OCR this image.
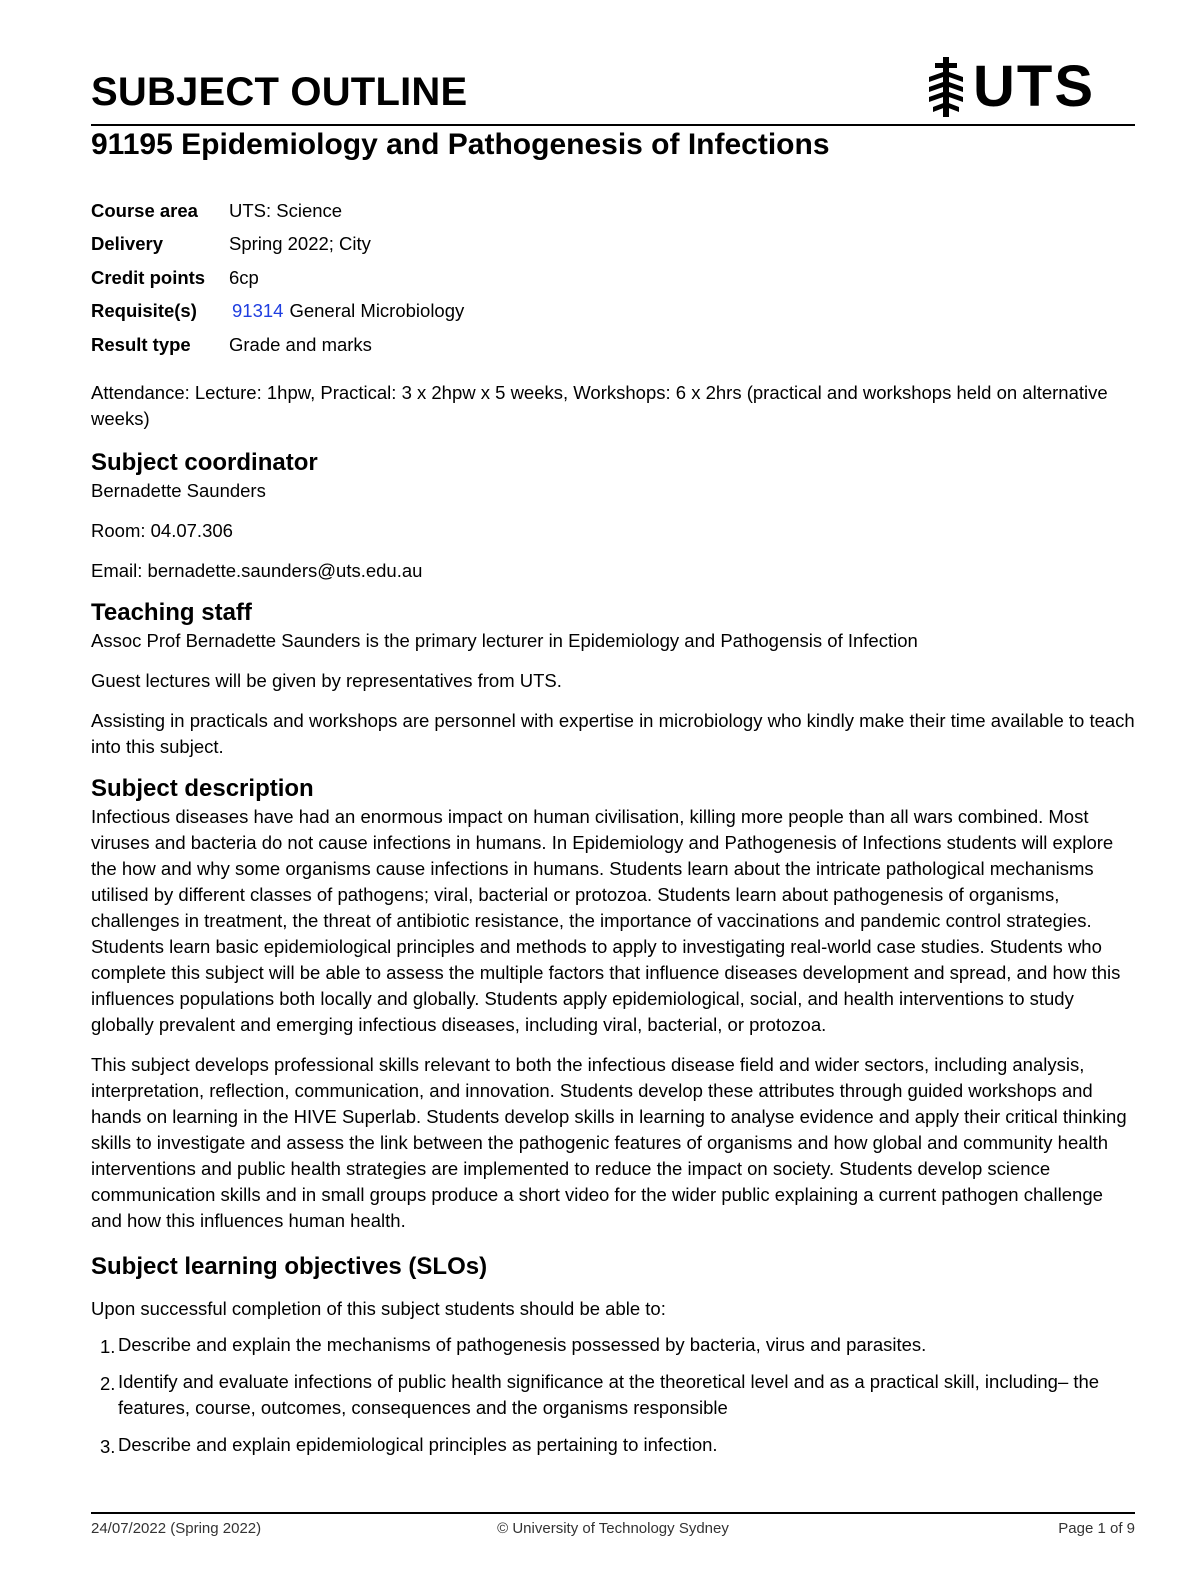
SUBJECT OUTLINE	UTS
91195 Epidemiology and Pathogenesis of Infections
Course area	UTS: Science
Delivery	Spring 2022; City
Credit points	6cp
Requisite(s)	91314 General Microbiology
Result type	Grade and marks

Attendance: Lecture: 1hpw, Practical: 3 x 2hpw x 5 weeks, Workshops: 6 x 2hrs (practical and workshops held on alternative weeks)

Subject coordinator

Bernadette Saunders

Room: 04.07.306

Email: bernadette.saunders@uts.edu.au

Teaching staff

Assoc Prof Bernadette Saunders is the primary lecturer in Epidemiology and Pathogensis of Infection

Guest lectures will be given by representatives from UTS.

Assisting in practicals and workshops are personnel with expertise in microbiology who kindly make their time available to teach into this subject.

Subject description

Infectious diseases have had an enormous impact on human civilisation, killing more people than all wars combined. Most viruses and bacteria do not cause infections in humans. In Epidemiology and Pathogenesis of Infections students will explore the how and why some organisms cause infections in humans. Students learn about the intricate pathological mechanisms utilised by different classes of pathogens; viral, bacterial or protozoa. Students learn about pathogenesis of organisms, challenges in treatment, the threat of antibiotic resistance, the importance of vaccinations and pandemic control strategies. Students learn basic epidemiological principles and methods to apply to investigating real-world case studies. Students who complete this subject will be able to assess the multiple factors that influence diseases development and spread, and how this influences populations both locally and globally. Students apply epidemiological, social, and health interventions to study globally prevalent and emerging infectious diseases, including viral, bacterial, or protozoa.

This subject develops professional skills relevant to both the infectious disease field and wider sectors, including analysis, interpretation, reflection, communication, and innovation. Students develop these attributes through guided workshops and hands on learning in the HIVE Superlab. Students develop skills in learning to analyse evidence and apply their critical thinking skills to investigate and assess the link between the pathogenic features of organisms and how global and community health interventions and public health strategies are implemented to reduce the impact on society. Students develop science communication skills and in small groups produce a short video for the wider public explaining a current pathogen challenge and how this influences human health.

Subject learning objectives (SLOs)

Upon successful completion of this subject students should be able to:

1. Describe and explain the mechanisms of pathogenesis possessed by bacteria, virus and parasites.
2. Identify and evaluate infections of public health significance at the theoretical level and as a practical skill, including– the features, course, outcomes, consequences and the organisms responsible
3. Describe and explain epidemiological principles as pertaining to infection.
24/07/2022 (Spring 2022)	© University of Technology Sydney	Page 1 of 9
